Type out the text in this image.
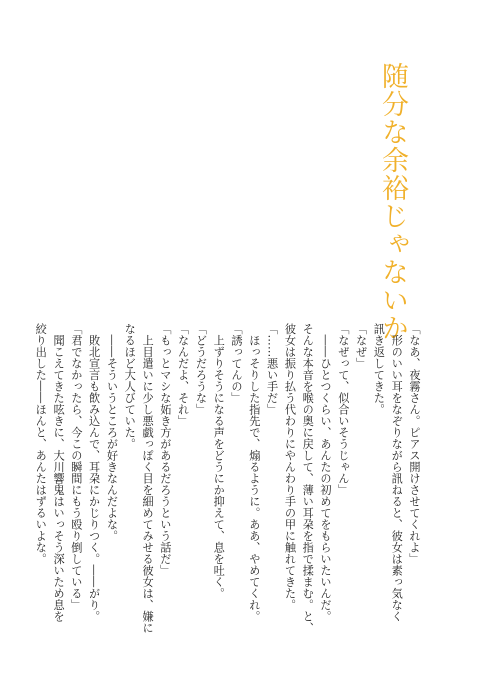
随分な余裕じゃないか
「なあ、夜霧さん。ピアス開けさせてくれよ」
　形のいい耳をなぞりながら訊ねると、彼女は素っ気なく
訊き返してきた。
「なぜ」
「なぜって、似合いそうじゃん」
　――ひとつくらい、あんたの初めてをもらいたいんだ。
そんな本音を喉の奥に戻して、薄い耳朶を指で揉まむ。と、
彼女は振り払う代わりにやんわり手の甲に触れてきた。
「……悪い手だ」
　ほっそりした指先で、煽るように。ああ、やめてくれ。
「誘ってんの」
　上ずりそうになる声をどうにか抑えて、息を吐く。
「どうだろうな」
「なんだよ、それ」
「もっとマシな妬き方があるだろうという話だ」
　上目遣いに少し悪戯っぽく目を細めてみせる彼女は、嫌に
なるほど大人びていた。
　――そういうところが好きなんだよな。
　敗北宣言も飲み込んで、耳朶にかじりつく。――がり。
「君でなかったら、今この瞬間にもう殴り倒している」
　聞こえてきた呟きに、大川響鬼はいっそう深いため息を
絞り出した――ほんと、あんたはずるいよな。
